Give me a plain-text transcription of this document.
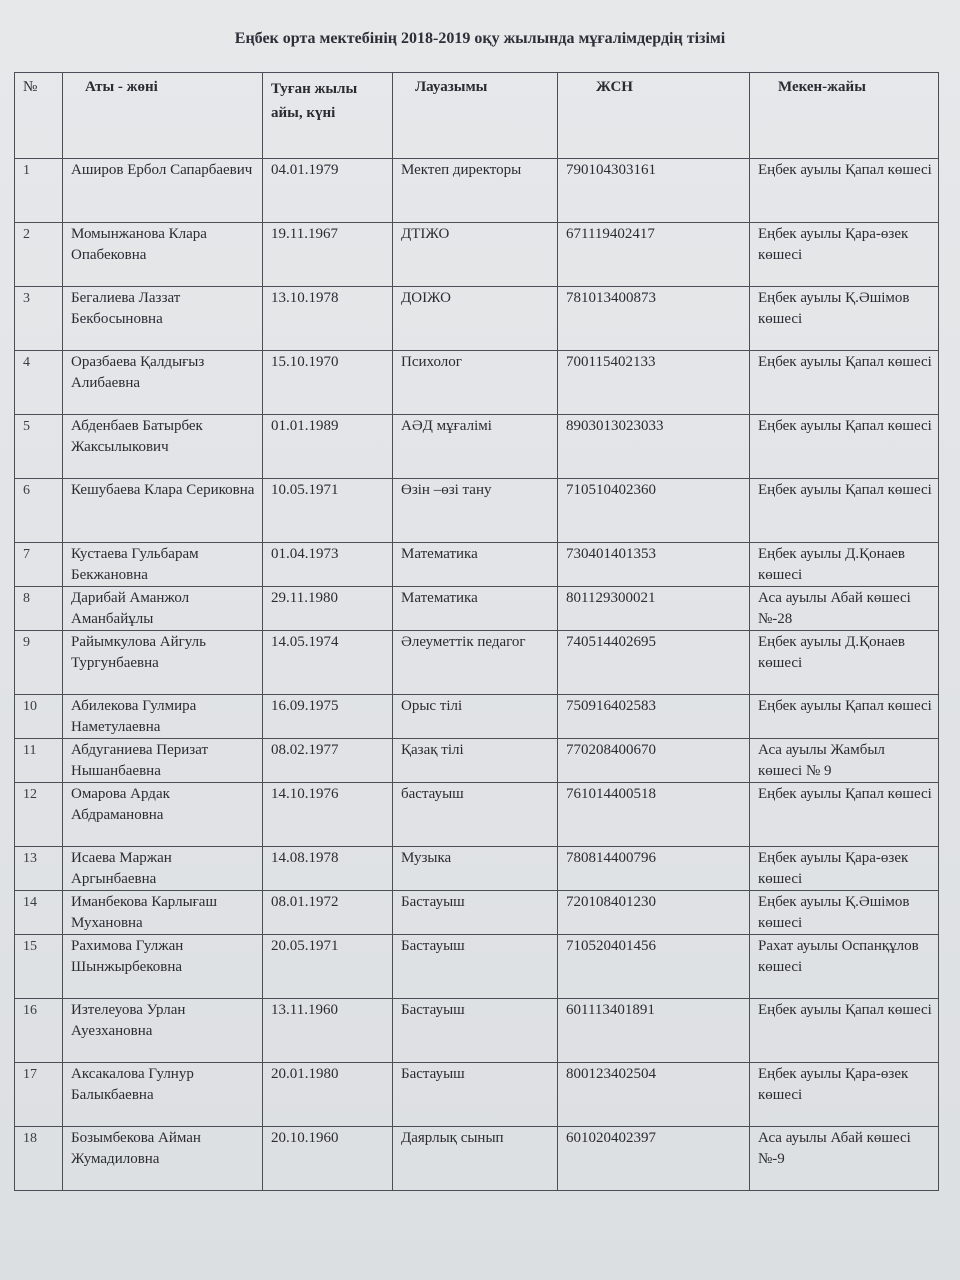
Еңбек орта мектебінің 2018-2019 оқу жылында мұғалімдердің тізімі
№	Аты - жөні	Туған жылы айы, күні	Лауазымы	ЖСН	Мекен-жайы
1	Аширов Ербол Сапарбаевич	04.01.1979	Мектеп директоры	790104303161	Еңбек ауылы Қапал көшесі
2	Момынжанова Клара Опабековна	19.11.1967	ДТІЖО	671119402417	Еңбек ауылы Қара-өзек көшесі
3	Бегалиева Лаззат Бекбосыновна	13.10.1978	ДОІЖО	781013400873	Еңбек ауылы Қ.Әшімов көшесі
4	Оразбаева Қалдығыз Алибаевна	15.10.1970	Психолог	700115402133	Еңбек ауылы Қапал көшесі
5	Абденбаев Батырбек Жаксылыкович	01.01.1989	АӘД мұғалімі	8903013023033	Еңбек ауылы Қапал көшесі
6	Кешубаева Клара Сериковна	10.05.1971	Өзін –өзі тану	710510402360	Еңбек ауылы Қапал көшесі
7	Кустаева Гульбарам Бекжановна	01.04.1973	Математика	730401401353	Еңбек ауылы Д.Қонаев көшесі
8	Дарибай Аманжол Аманбайұлы	29.11.1980	Математика	801129300021	Аса ауылы Абай көшесі №-28
9	Райымкулова Айгуль Тургунбаевна	14.05.1974	Әлеуметтік педагог	740514402695	Еңбек ауылы Д.Қонаев көшесі
10	Абилекова Гулмира Наметулаевна	16.09.1975	Орыс тілі	750916402583	Еңбек ауылы Қапал көшесі
11	Абдуганиева Перизат Нышанбаевна	08.02.1977	Қазақ тілі	770208400670	Аса ауылы Жамбыл көшесі № 9
12	Омарова Ардак Абдрамановна	14.10.1976	бастауыш	761014400518	Еңбек ауылы Қапал көшесі
13	Исаева Маржан Аргынбаевна	14.08.1978	Музыка	780814400796	Еңбек ауылы Қара-өзек көшесі
14	Иманбекова Карлығаш Мухановна	08.01.1972	Бастауыш	720108401230	Еңбек ауылы Қ.Әшімов көшесі
15	Рахимова Гулжан Шынжырбековна	20.05.1971	Бастауыш	710520401456	Рахат ауылы Оспанқұлов көшесі
16	Изтелеуова Урлан Ауезхановна	13.11.1960	Бастауыш	601113401891	Еңбек ауылы Қапал көшесі
17	Аксакалова Гулнур Балыкбаевна	20.01.1980	Бастауыш	800123402504	Еңбек ауылы Қара-өзек көшесі
18	Бозымбекова Айман Жумадиловна	20.10.1960	Даярлық сынып	601020402397	Аса ауылы Абай көшесі №-9
